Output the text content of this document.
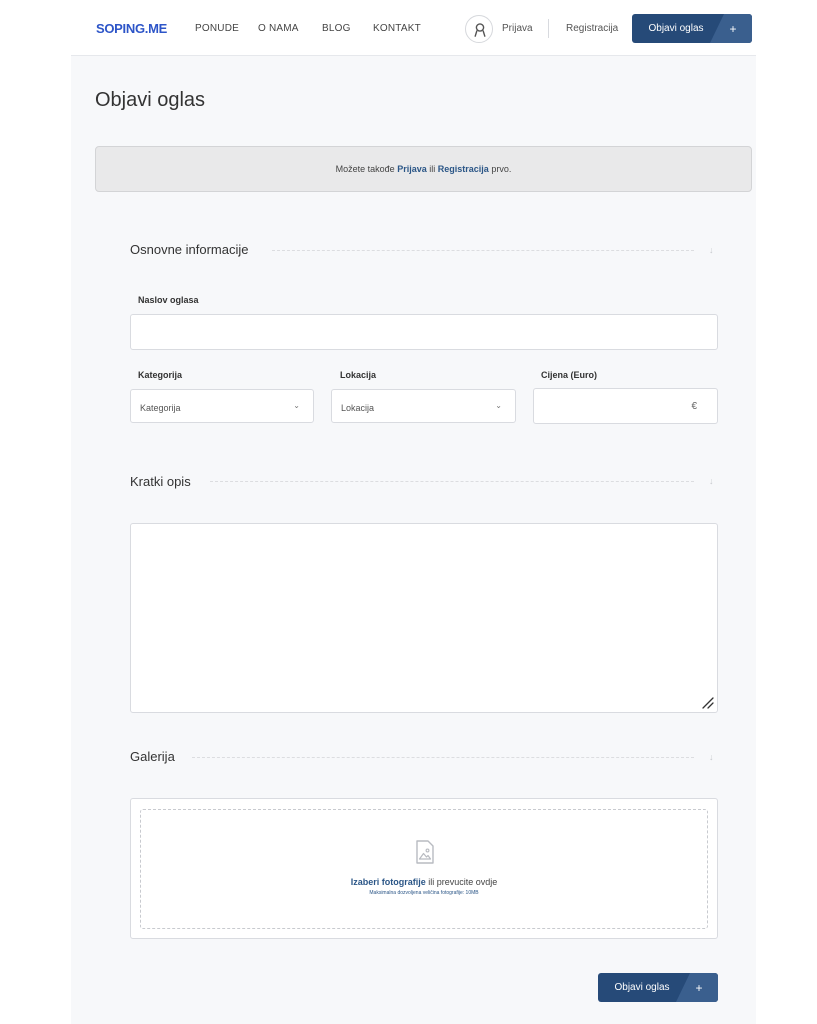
SOPING.ME	PONUDE O NAMA BLOG KONTAKT	Prijava	Registracija	Objavi oglas	+
Objavi oglas
Možete takođe
Prijava
ili
Registracija
prvo.
Osnovne informacije	↓
Naslov oglasa
Kategorija
Kategorija	⌄
Lokacija
Lokacija	⌄
Cijena (Euro)
€
Kratki opis	↓
Galerija	↓
Izaberi fotografije ili prevucite ovdje
Maksimalna dozvoljena veličina fotografije: 10MB
Objavi oglas	+
